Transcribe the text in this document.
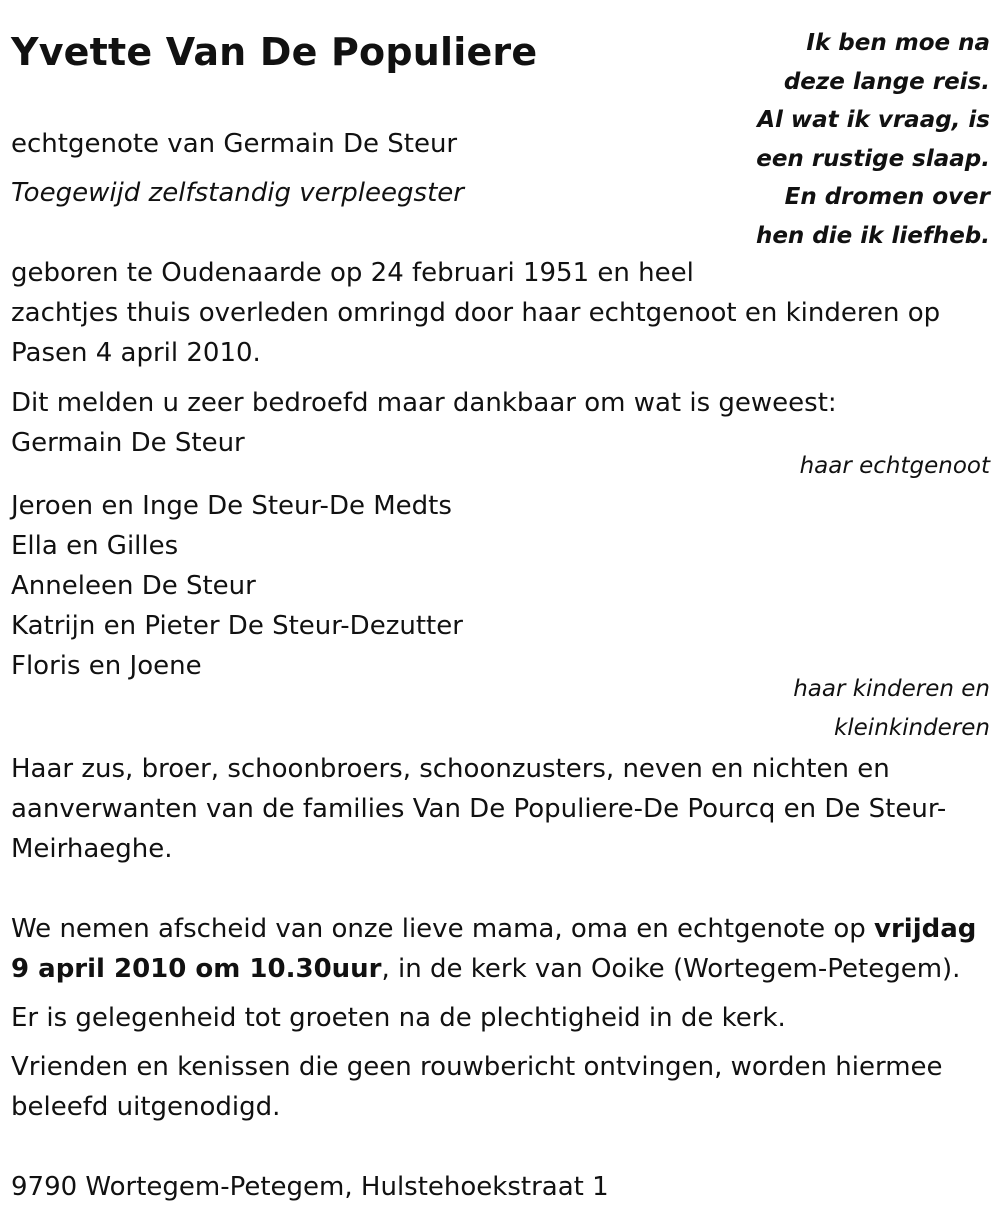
Yvette Van De Populiere	Ik ben moe na
deze lange reis.
Al wat ik vraag, is
een rustige slaap.
En dromen over
hen die ik liefheb.
echtgenote van Germain De Steur
Toegewijd zelfstandig verpleegster
geboren te Oudenaarde op 24 februari 1951 en heel
zachtjes thuis overleden omringd door haar echtgenoot en kinderen op
Pasen 4 april 2010.
Dit melden u zeer bedroefd maar dankbaar om wat is geweest:
Germain De Steur
haar echtgenoot
Jeroen en Inge De Steur-De Medts
Ella en Gilles
Anneleen De Steur
Katrijn en Pieter De Steur-Dezutter
Floris en Joene
haar kinderen en
kleinkinderen
Haar zus, broer, schoonbroers, schoonzusters, neven en nichten en aanverwanten van de families Van De Populiere-De Pourcq en De Steur-Meirhaeghe.
We nemen afscheid van onze lieve mama, oma en echtgenote op vrijdag 9 april 2010 om 10.30uur, in de kerk van Ooike (Wortegem-Petegem).
Er is gelegenheid tot groeten na de plechtigheid in de kerk.
Vrienden en kenissen die geen rouwbericht ontvingen, worden hiermee beleefd uitgenodigd.
9790 Wortegem-Petegem, Hulstehoekstraat 1
